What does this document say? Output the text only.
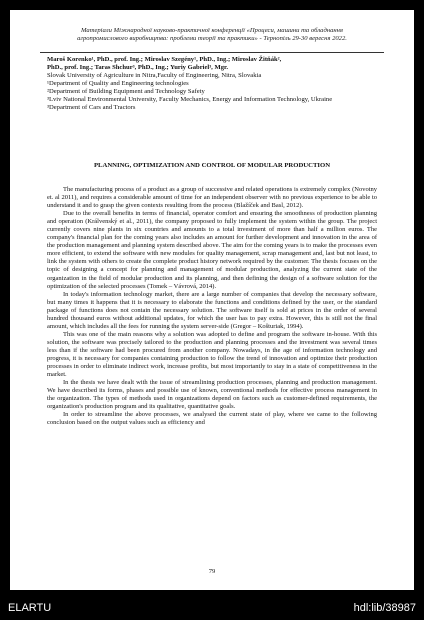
Матеріали Міжнародної науково-практичної конференції «Процеси, машини та обладнання
агропромислового виробництва: проблеми теорії та практики» - Тернопіль 29-30 вересня 2022.
Maroš Korenko¹, PhD., prof. Ing.; Miroslav Szegény¹, PhD., Ing.; Miroslav Žitňák²,
PhD., prof. Ing.; Taras Shchur³, PhD., Ing.; Yuriy Gabriel³, Mgr.
Slovak University of Agriculture in Nitra,Faculty of Engineering, Nitra, Slovakia
¹Department of Quality and Engineering technologies
²Department of Building Equipment and Technology Safety
³Lviv National Environmental University, Faculty Mechanics, Energy and Information Technology, Ukraine
³Department of Cars and Tractors
PLANNING, OPTIMIZATION AND CONTROL OF MODULAR PRODUCTION

The manufacturing process of a product as a group of successive and related operations is extremely complex (Novotny et. al 2011), and requires a considerable amount of time for an independent observer with no previous experience to be able to understand it and to grasp the given contexts resulting from the process (Blažíček and Basl, 2012).

Due to the overall benefits in terms of financial, operator comfort and ensuring the smoothness of production planning and operation (Králvenský et al., 2011), the company proposed to fully implement the system within the group. The project currently covers nine plants in six countries and amounts to a total investment of more than half a million euros. The company's financial plan for the coming years also includes an amount for further development and innovation in the area of the production management and planning system described above. The aim for the coming years is to make the processes even more efficient, to extend the software with new modules for quality management, scrap management and, last but not least, to link the system with others to create the complete product history network required by the customer. The thesis focuses on the topic of designing a concept for planning and management of modular production, analyzing the current state of the organization in the field of modular production and its planning, and then defining the design of a software solution for the optimization of the selected processes (Tomek – Vávrová, 2014).

In today's information technology market, there are a large number of companies that develop the necessary software, but many times it happens that it is necessary to elaborate the functions and conditions defined by the user, or the standard package of functions does not contain the necessary solution. The software itself is sold at prices in the order of several hundred thousand euros without additional updates, for which the user has to pay extra. However, this is still not the final amount, which includes all the fees for running the system server-side (Gregor – Košturiak, 1994).

This was one of the main reasons why a solution was adopted to define and program the software in-house. With this solution, the software was precisely tailored to the production and planning processes and the investment was several times less than if the software had been procured from another company. Nowadays, in the age of information technology and progress, it is necessary for companies containing production to follow the trend of innovation and optimize their production processes in order to eliminate indirect work, increase profits, but most importantly to stay in a state of competitiveness in the market.

In the thesis we have dealt with the issue of streamlining production processes, planning and production management. We have described its forms, phases and possible use of known, conventional methods for effective process management in the organization. The types of methods used in organizations depend on factors such as customer-defined requirements, the organization's production program and its qualitative, quantitative goals.

In order to streamline the above processes, we analysed the current state of play, where we came to the following conclusion based on the output values such as efficiency and

79
ELARTU	hdl:lib/38987
